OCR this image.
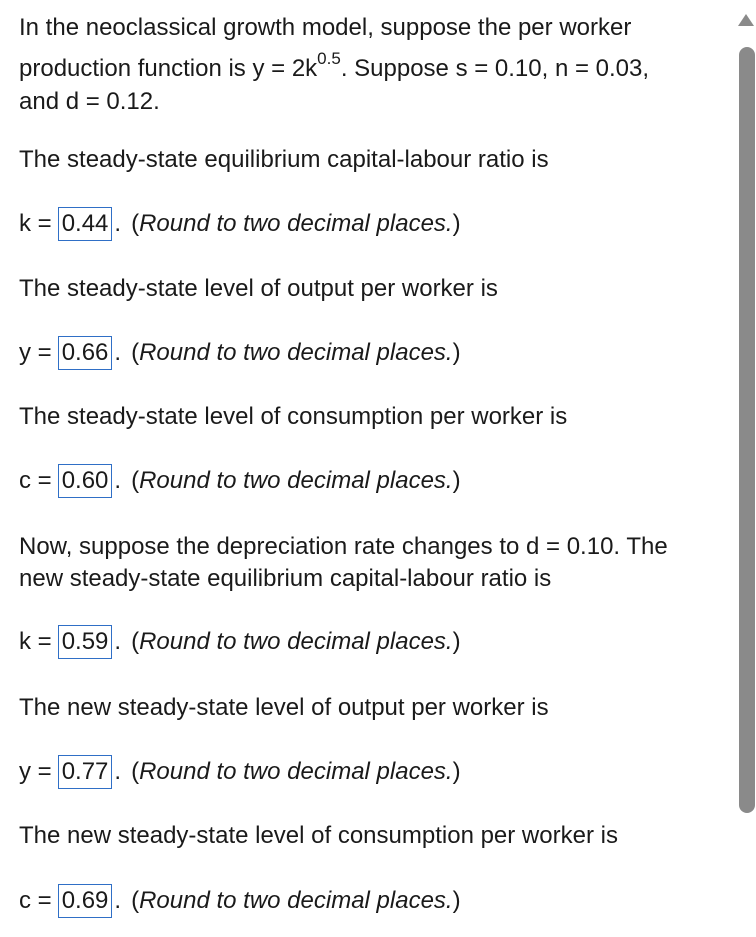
In the neoclassical growth model, suppose the per worker
production function is $y = 2k^{0.5}$. Suppose s = 0.10, n = 0.03,
and d = 0.12.
The steady-state equilibrium capital-labour ratio is
k = 0.44 . (Round to two decimal places.)
The steady-state level of output per worker is
y = 0.66 . (Round to two decimal places.)
The steady-state level of consumption per worker is
c = 0.60 . (Round to two decimal places.)
Now, suppose the depreciation rate changes to d = 0.10. The
new steady-state equilibrium capital-labour ratio is
k = 0.59 . (Round to two decimal places.)
The new steady-state level of output per worker is
y = 0.77 . (Round to two decimal places.)
The new steady-state level of consumption per worker is
c = 0.69 . (Round to two decimal places.)
